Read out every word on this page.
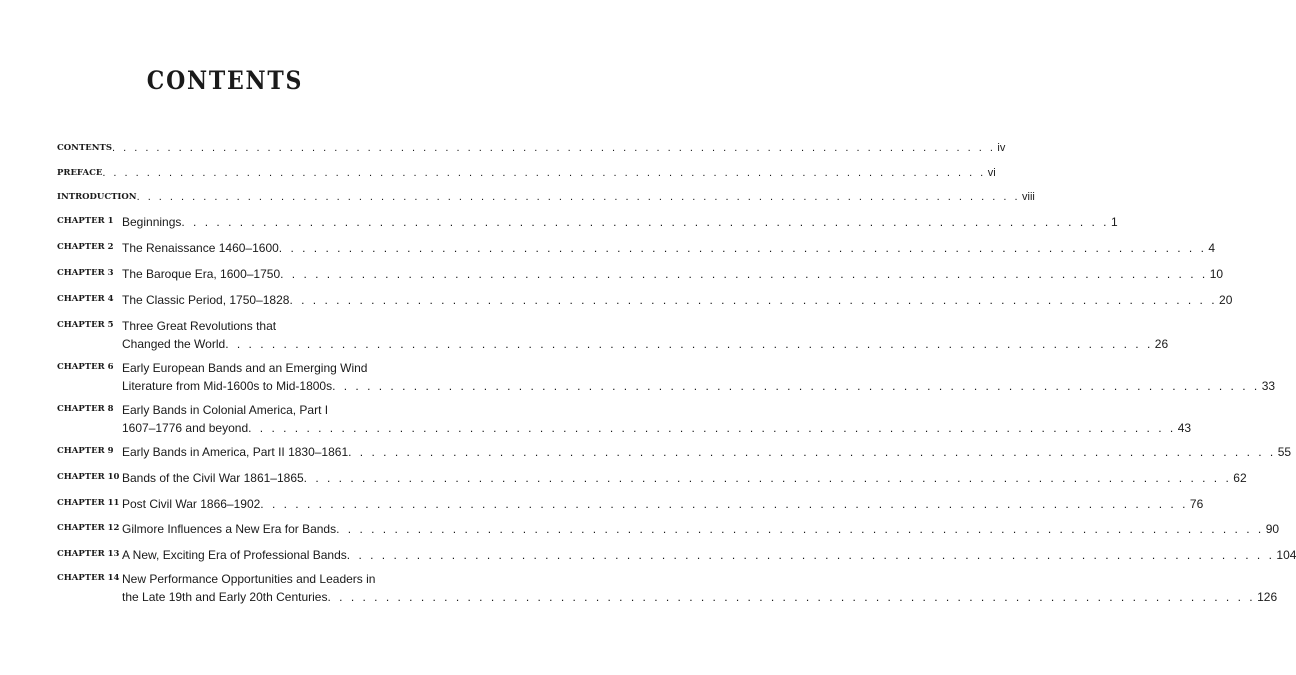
CONTENTS
CONTENTS . . . . . . . . . . . . . . . . . . . . . . . . . . . . . . . . . . . . . . . . . . . . . . . . . . . . . . . . . . . . . . . . . . . . . . . . . . . . . . . . iv
PREFACE . . . . . . . . . . . . . . . . . . . . . . . . . . . . . . . . . . . . . . . . . . . . . . . . . . . . . . . . . . . . . . . . . . . . . . . . . . . . . . . . vi
INTRODUCTION . . . . . . . . . . . . . . . . . . . . . . . . . . . . . . . . . . . . . . . . . . . . . . . . . . . . . . . . . . . . . . . . . . . . . . . . . . . . . . . . viii
CHAPTER 1 Beginnings . . . . . . . . . . . . . . . . . . . . . . . . . . . . . . . . . . . . . . . . . . . . . . . . . . . . . . . . . . . . . . . . . . . . . . . . . . . . . . . . 1
CHAPTER 2 The Renaissance 1460–1600 . . . . . . . . . . . . . . . . . . . . . . . . . . . . . . . . . . . . . . . . . . . . . . . . . . . . . . . . . . . . . . . . . . . . . . . . . . . . . . . . 4
CHAPTER 3 The Baroque Era, 1600–1750 . . . . . . . . . . . . . . . . . . . . . . . . . . . . . . . . . . . . . . . . . . . . . . . . . . . . . . . . . . . . . . . . . . . . . . . . . . . . . . . . 10
CHAPTER 4 The Classic Period, 1750–1828 . . . . . . . . . . . . . . . . . . . . . . . . . . . . . . . . . . . . . . . . . . . . . . . . . . . . . . . . . . . . . . . . . . . . . . . . . . . . . . . . 20
CHAPTER 5 Three Great Revolutions that
Changed the World . . . . . . . . . . . . . . . . . . . . . . . . . . . . . . . . . . . . . . . . . . . . . . . . . . . . . . . . . . . . . . . . . . . . . . . . . . . . . . . . 26
CHAPTER 6 Early European Bands and an Emerging Wind
Literature from Mid-1600s to Mid-1800s . . . . . . . . . . . . . . . . . . . . . . . . . . . . . . . . . . . . . . . . . . . . . . . . . . . . . . . . . . . . . . . . . . . . . . . . . . . . . . . . 33
CHAPTER 8 Early Bands in Colonial America, Part I
1607–1776 and beyond . . . . . . . . . . . . . . . . . . . . . . . . . . . . . . . . . . . . . . . . . . . . . . . . . . . . . . . . . . . . . . . . . . . . . . . . . . . . . . . . 43
CHAPTER 9 Early Bands in America, Part II 1830–1861 . . . . . . . . . . . . . . . . . . . . . . . . . . . . . . . . . . . . . . . . . . . . . . . . . . . . . . . . . . . . . . . . . . . . . . . . . . . . . . . . 55
CHAPTER 10 Bands of the Civil War 1861–1865 . . . . . . . . . . . . . . . . . . . . . . . . . . . . . . . . . . . . . . . . . . . . . . . . . . . . . . . . . . . . . . . . . . . . . . . . . . . . . . . . 62
CHAPTER 11 Post Civil War 1866–1902 . . . . . . . . . . . . . . . . . . . . . . . . . . . . . . . . . . . . . . . . . . . . . . . . . . . . . . . . . . . . . . . . . . . . . . . . . . . . . . . . 76
CHAPTER 12 Gilmore Influences a New Era for Bands . . . . . . . . . . . . . . . . . . . . . . . . . . . . . . . . . . . . . . . . . . . . . . . . . . . . . . . . . . . . . . . . . . . . . . . . . . . . . . . . 90
CHAPTER 13 A New, Exciting Era of Professional Bands . . . . . . . . . . . . . . . . . . . . . . . . . . . . . . . . . . . . . . . . . . . . . . . . . . . . . . . . . . . . . . . . . . . . . . . . . . . . . . . . 104
CHAPTER 14 New Performance Opportunities and Leaders in
the Late 19th and Early 20th Centuries . . . . . . . . . . . . . . . . . . . . . . . . . . . . . . . . . . . . . . . . . . . . . . . . . . . . . . . . . . . . . . . . . . . . . . . . . . . . . . . . 126
